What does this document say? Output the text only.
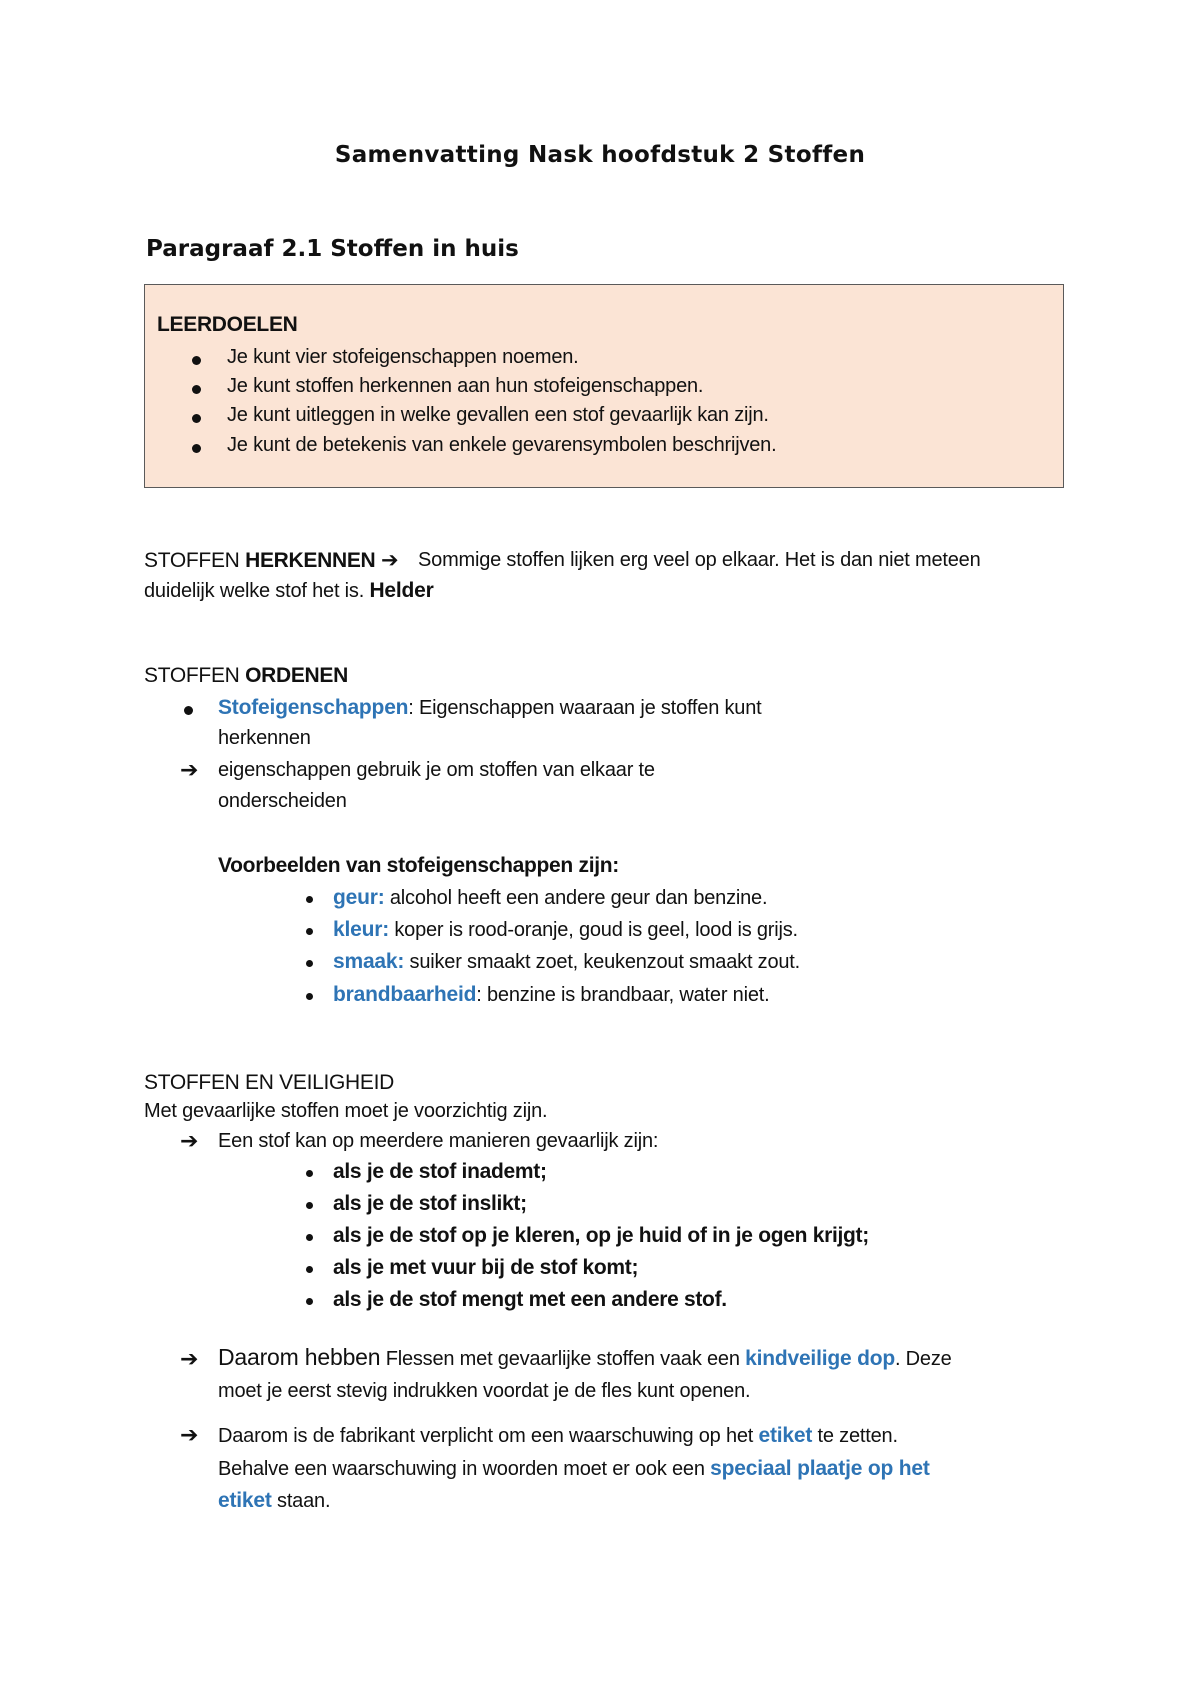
Samenvatting Nask hoofdstuk 2 Stoffen
Paragraaf 2.1 Stoffen in huis
LEERDOELEN
Je kunt vier stofeigenschappen noemen.
Je kunt stoffen herkennen aan hun stofeigenschappen.
Je kunt uitleggen in welke gevallen een stof gevaarlijk kan zijn.
Je kunt de betekenis van enkele gevarensymbolen beschrijven.
STOFFEN HERKENNEN ➔ Sommige stoffen lijken erg veel op elkaar. Het is dan niet meteen
duidelijk welke stof het is. Helder
STOFFEN ORDENEN
Stofeigenschappen: Eigenschappen waaraan je stoffen kunt
herkennen
➔ eigenschappen gebruik je om stoffen van elkaar te
onderscheiden
Voorbeelden van stofeigenschappen zijn:
geur: alcohol heeft een andere geur dan benzine.
kleur: koper is rood-oranje, goud is geel, lood is grijs.
smaak: suiker smaakt zoet, keukenzout smaakt zout.
brandbaarheid: benzine is brandbaar, water niet.
STOFFEN EN VEILIGHEID
Met gevaarlijke stoffen moet je voorzichtig zijn.
➔ Een stof kan op meerdere manieren gevaarlijk zijn:
als je de stof inademt;
als je de stof inslikt;
als je de stof op je kleren, op je huid of in je ogen krijgt;
als je met vuur bij de stof komt;
als je de stof mengt met een andere stof.
➔ Daarom hebben Flessen met gevaarlijke stoffen vaak een kindveilige dop. Deze
moet je eerst stevig indrukken voordat je de fles kunt openen.
➔ Daarom is de fabrikant verplicht om een waarschuwing op het etiket te zetten.
Behalve een waarschuwing in woorden moet er ook een speciaal plaatje op het
etiket staan.
